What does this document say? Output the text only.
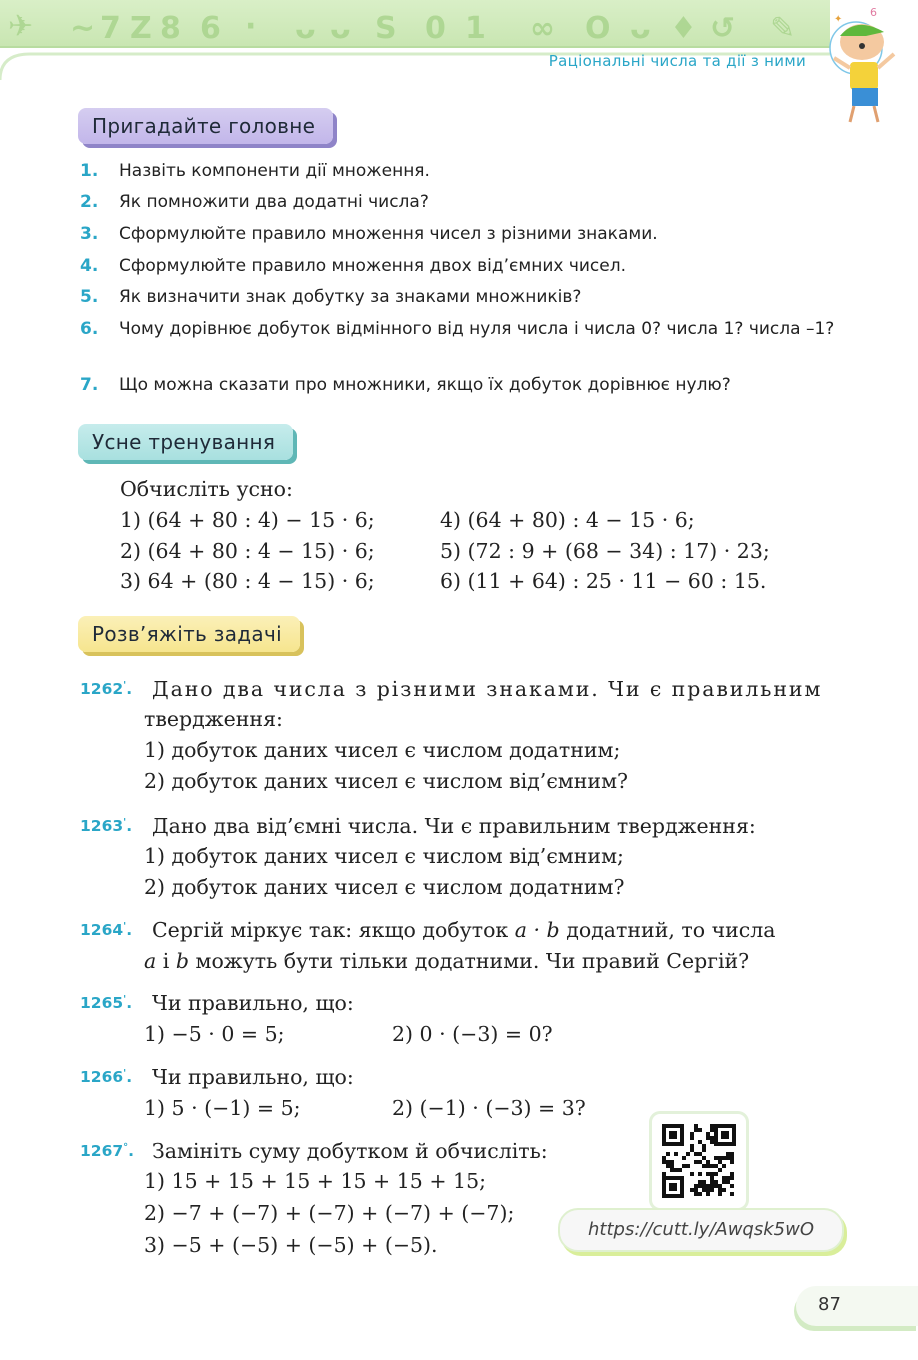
✈ ~ 7 Z 8 6 · ᴗ ᴗ S 0 1 ∞ O ᴗ ♦ ↺ ✎
Раціональні числа та дії з ними
✦
6
Пригадайте головне
1. Назвіть компоненти дії множення.
2. Як помножити два додатні числа?
3. Сформулюйте правило множення чисел з різними знаками.
4. Сформулюйте правило множення двох від’ємних чисел.
5. Як визначити знак добутку за знаками множників?
6. Чому дорівнює добуток відмінного від нуля числа і числа 0? числа 1? числа –1?
7. Що можна сказати про множники, якщо їх добуток дорівнює нулю?
Усне тренування
Обчисліть усно:
1) (64 + 80 : 4) − 15 · 6;
2) (64 + 80 : 4 − 15) · 6;
3) 64 + (80 : 4 − 15) · 6;
4) (64 + 80) : 4 − 15 · 6;
5) (72 : 9 + (68 − 34) : 17) · 23;
6) (11 + 64) : 25 · 11 − 60 : 15.
Розв’яжіть задачі
1262'. Дано два числа з різними знаками. Чи є правильним
твердження:
1) добуток даних чисел є числом додатним;
2) добуток даних чисел є числом від’ємним?
1263'. Дано два від’ємні числа. Чи є правильним твердження:
1) добуток даних чисел є числом від’ємним;
2) добуток даних чисел є числом додатним?
1264'. Сергій міркує так: якщо добуток a · b додатний, то числа
a і b можуть бути тільки додатними. Чи правий Сергій?
1265'. Чи правильно, що:
1) −5 · 0 = 5;	2) 0 · (−3) = 0?
1266'. Чи правильно, що:
1) 5 · (−1) = 5;	2) (−1) · (−3) = 3?
1267°. Замініть суму добутком й обчисліть:
1) 15 + 15 + 15 + 15 + 15 + 15;
2) −7 + (−7) + (−7) + (−7) + (−7);
3) −5 + (−5) + (−5) + (−5).
https://cutt.ly/Awqsk5wO
87
